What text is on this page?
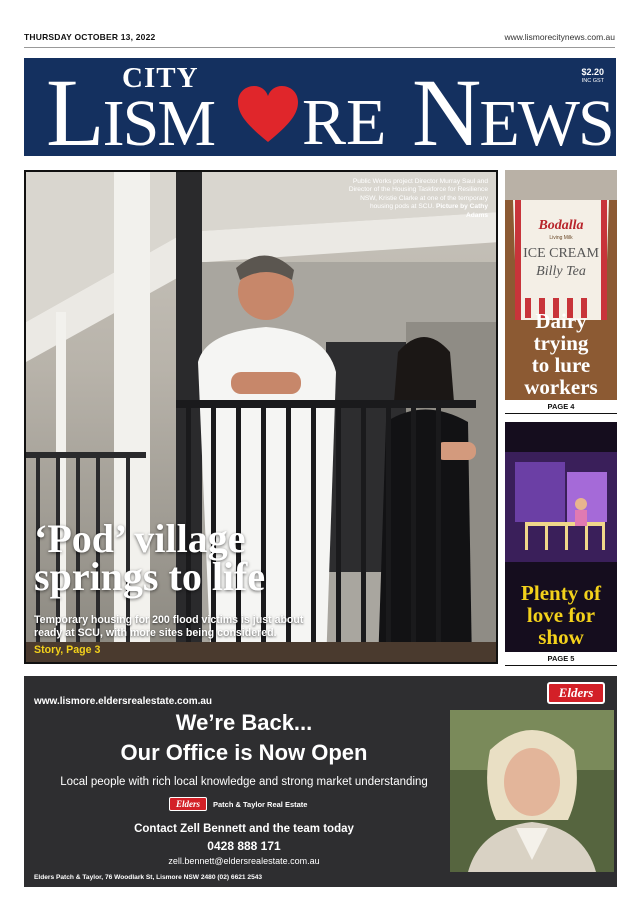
THURSDAY OCTOBER 13, 2022	www.lismorecitynews.com.au
CITY
LISM RE NEWS
$2.20
INC GST
Public Works project Director Murray Saul and Director of the Housing Taskforce for Resilience NSW, Kristie Clarke at one of the temporary housing pods at SCU. Picture by Cathy Adams
‘Pod’ village
springs to life
Temporary housing for 200 flood victims is just about ready at SCU, with more sites being considered.
Story, Page 3
Bodalla
Living Milk
ICE CREAM
Billy Tea
Dairy
trying
to lure
workers
PAGE 4
Plenty of
love for
show
PAGE 5
www.lismore.eldersrealestate.com.au
Elders
We’re Back...
Our Office is Now Open
Local people with rich local knowledge and strong market understanding
Elders	Patch & Taylor Real Estate
Contact Zell Bennett and the team today
0428 888 171
zell.bennett@eldersrealestate.com.au
Elders Patch & Taylor, 76 Woodlark St, Lismore NSW 2480 (02) 6621 2543
